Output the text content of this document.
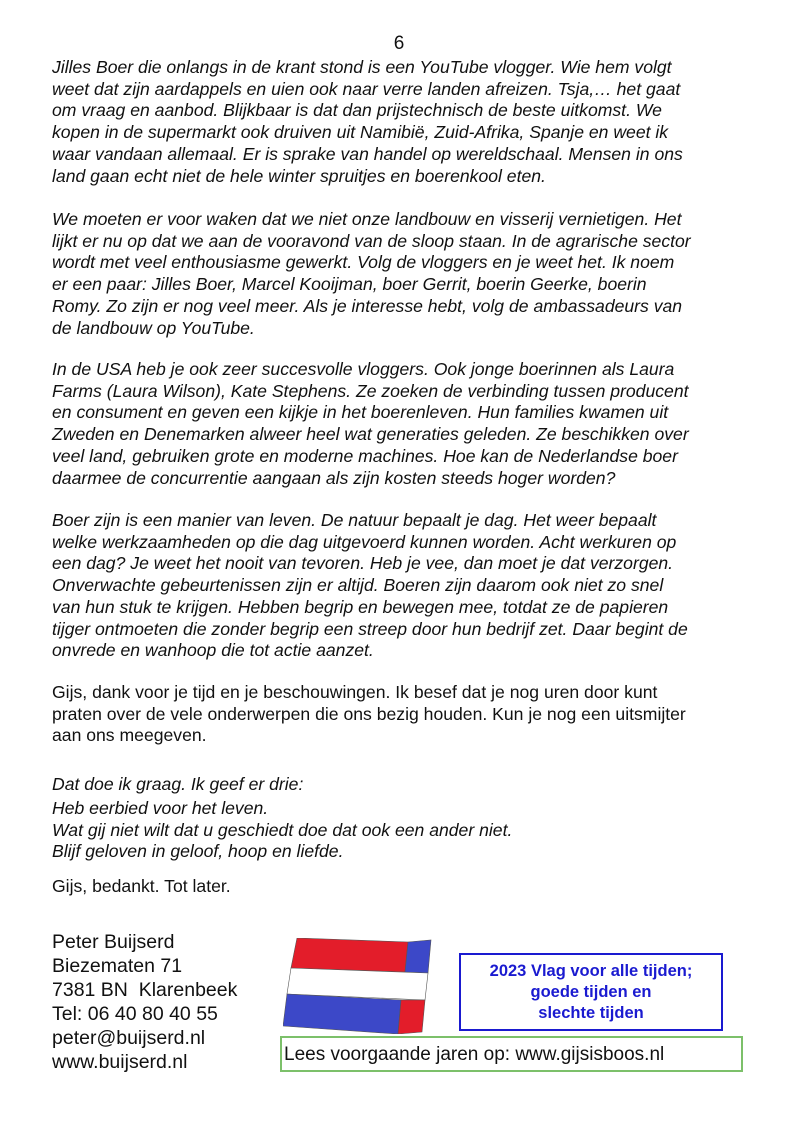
6
Jilles Boer die onlangs in de krant stond is een YouTube vlogger. Wie hem volgt
weet dat zijn aardappels en uien ook naar verre landen afreizen. Tsja,… het gaat
om vraag en aanbod. Blijkbaar is dat dan prijstechnisch de beste uitkomst. We
kopen in de supermarkt ook druiven uit Namibië, Zuid-Afrika, Spanje en weet ik
waar vandaan allemaal. Er is sprake van handel op wereldschaal. Mensen in ons
land gaan echt niet de hele winter spruitjes en boerenkool eten.
We moeten er voor waken dat we niet onze landbouw en visserij vernietigen. Het
lijkt er nu op dat we aan de vooravond van de sloop staan. In de agrarische sector
wordt met veel enthousiasme gewerkt. Volg de vloggers en je weet het. Ik noem
er een paar: Jilles Boer, Marcel Kooijman, boer Gerrit, boerin Geerke, boerin
Romy. Zo zijn er nog veel meer. Als je interesse hebt, volg de ambassadeurs van
de landbouw op YouTube.
In de USA heb je ook zeer succesvolle vloggers. Ook jonge boerinnen als Laura
Farms (Laura Wilson), Kate Stephens. Ze zoeken de verbinding tussen producent
en consument en geven een kijkje in het boerenleven. Hun families kwamen uit
Zweden en Denemarken alweer heel wat generaties geleden. Ze beschikken over
veel land, gebruiken grote en moderne machines. Hoe kan de Nederlandse boer
daarmee de concurrentie aangaan als zijn kosten steeds hoger worden?
Boer zijn is een manier van leven. De natuur bepaalt je dag. Het weer bepaalt
welke werkzaamheden op die dag uitgevoerd kunnen worden. Acht werkuren op
een dag? Je weet het nooit van tevoren. Heb je vee, dan moet je dat verzorgen.
Onverwachte gebeurtenissen zijn er altijd. Boeren zijn daarom ook niet zo snel
van hun stuk te krijgen. Hebben begrip en bewegen mee, totdat ze de papieren
tijger ontmoeten die zonder begrip een streep door hun bedrijf zet. Daar begint de
onvrede en wanhoop die tot actie aanzet.
Gijs, dank voor je tijd en je beschouwingen. Ik besef dat je nog uren door kunt
praten over de vele onderwerpen die ons bezig houden. Kun je nog een uitsmijter
aan ons meegeven.
Dat doe ik graag. Ik geef er drie:
Heb eerbied voor het leven.
Wat gij niet wilt dat u geschiedt doe dat ook een ander niet.
Blijf geloven in geloof, hoop en liefde.
Gijs, bedankt. Tot later.
Peter Buijserd
Biezematen 71
7381 BN  Klarenbeek
Tel: 06 40 80 40 55
peter@buijserd.nl
www.buijserd.nl
2023 Vlag voor alle tijden;
goede tijden en
slechte tijden
Lees voorgaande jaren op: www.gijsisboos.nl
